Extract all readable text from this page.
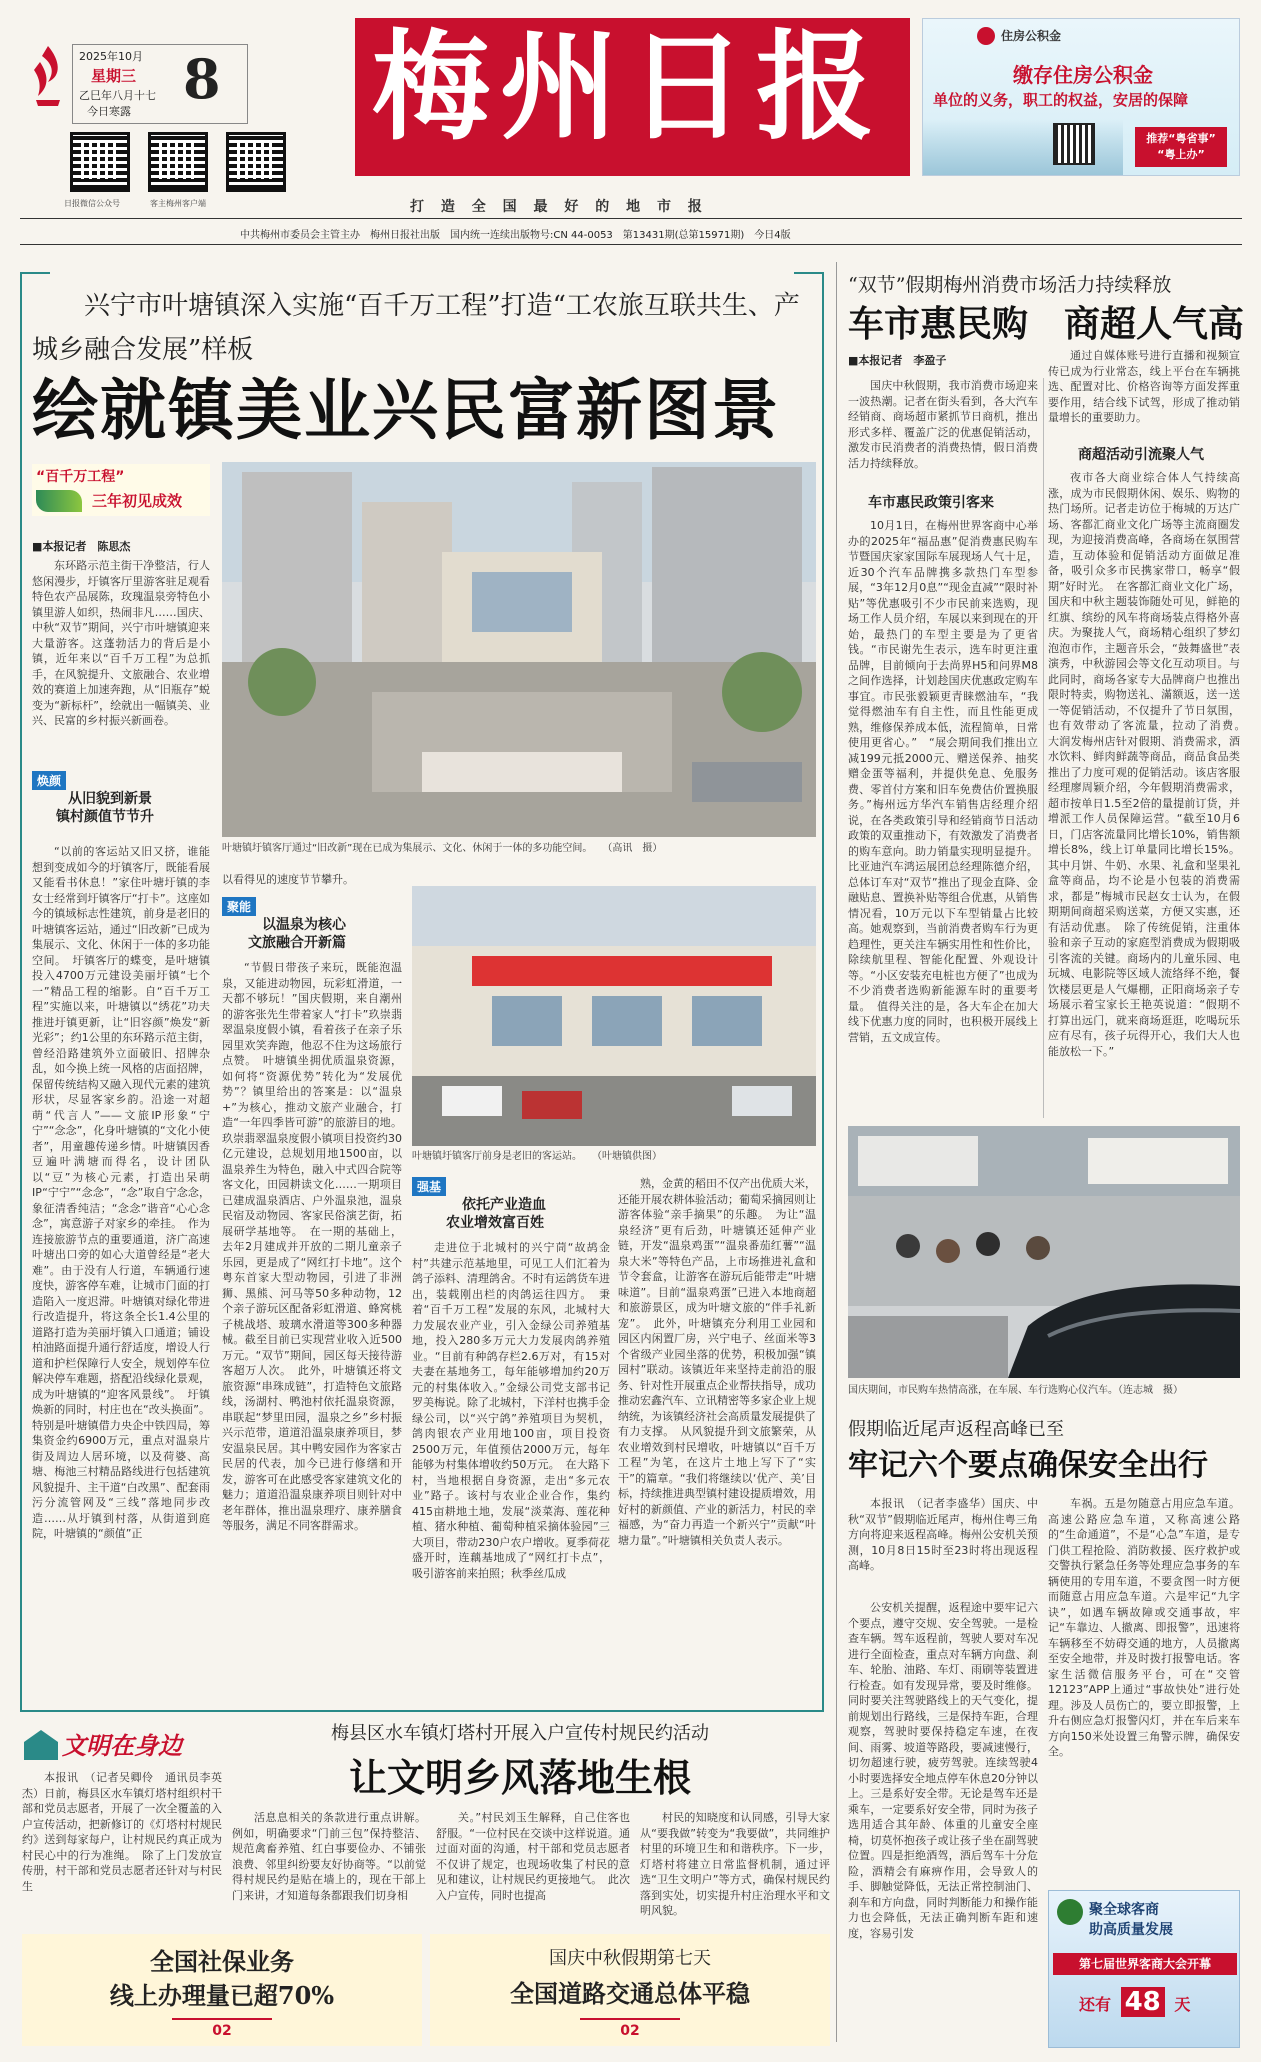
2025年10月
星期三
乙巳年八月十七
今日寒露
8 梅州日报	住房公积金
缴存住房公积金
单位的义务，职工的权益，安居的保障
推荐“粤省事”
“粤上办”
打 造 全 国 最 好 的 地 市 报
日报微信公众号	客主梅州客户端
中共梅州市委员会主管主办　梅州日报社出版　国内统一连续出版物号:CN 44-0053　第13431期(总第15971期)　今日4版
兴宁市叶塘镇深入实施“百千万工程”打造“工农旅互联共生、产城乡融合发展”样板
绘就镇美业兴民富新图景
“百千万工程”
三年初见成效
■本报记者　陈思杰

东环路示范主街干净整洁，行人悠闲漫步，圩镇客厅里游客驻足观看特色农产品展陈，玫瑰温泉旁特色小镇里游人如织，热闹非凡……国庆、中秋“双节”期间，兴宁市叶塘镇迎来大量游客。这蓬勃活力的背后是小镇，近年来以“百千万工程”为总抓手，在风貌提升、文旅融合、农业增效的赛道上加速奔跑，从“旧瓶存”蜕变为“新标杆”，绘就出一幅镇美、业兴、民富的乡村振兴新画卷。

焕颜
从旧貌到新景
镇村颜值节节升

“以前的客运站又旧又挤，谁能想到变成如今的圩镇客厅，既能看展又能看书休息！”家住叶塘圩镇的李女士经常到圩镇客厅“打卡”。这座如今的镇域标志性建筑，前身是老旧的叶塘镇客运站，通过“旧改新”已成为集展示、文化、休闲于一体的多功能空间。　圩镇客厅的蝶变，是叶塘镇投入4700万元建设美丽圩镇“七个一”精品工程的缩影。自“百千万工程”实施以来，叶塘镇以“绣花”功夫推进圩镇更新，让“旧容颜”焕发“新光彩”；约1公里的东环路示范主街，曾经沿路建筑外立面破旧、招牌杂乱，如今换上统一风格的店面招牌，保留传统结构又融入现代元素的建筑形状，尽显客家乡韵。沿途一对超萌“代言人”——文旅IP形象“宁宁”“念念”，化身叶塘镇的“文化小使者”，用童趣传递乡情。叶塘镇因香豆遍叶满塘而得名，设计团队以“豆”为核心元素，打造出呆萌IP“宁宁”“念念”，“念”取自宁念念，象征清香纯洁；“念念”谐音“心心念念”，寓意游子对家乡的牵挂。　作为连接旅游节点的重要通道，济广高速叶塘出口旁的如心大道曾经是“老大难”。由于没有人行道，车辆通行速度快，游客停车难，让城市门面的打造陷入一度迟滞。叶塘镇对绿化带进行改造提升，将这条全长1.4公里的道路打造为美丽圩镇入口通道；铺设柏油路面提升通行舒适度，增设人行道和护栏保障行人安全，规划停车位解决停车难题，搭配沿线绿化景观，成为叶塘镇的“迎客风景线”。　圩镇焕新的同时，村庄也在“改头换面”。特别是叶塘镇借力央企中铁四局，筹集资金约6900万元，重点对温泉片街及周边人居环境，以及荷婆、高塘、梅池三村精品路线进行包括建筑风貌提升、主干道“白改黑”、配套雨污分流管网及“三线”落地同步改造……从圩镇到村落，从街道到庭院，叶塘镇的“颜值”正

叶塘镇圩镇客厅通过“旧改新”现在已成为集展示、文化、休闲于一体的多功能空间。　　（高讯　摄）
以看得见的速度节节攀升。
聚能
以温泉为核心
文旅融合开新篇

“节假日带孩子来玩，既能泡温泉，又能进动物园，玩彩虹滑道，一天都不够玩！”国庆假期，来自潮州的游客张先生带着家人“打卡”玖崇翡翠温泉度假小镇，看着孩子在亲子乐园里欢笑奔跑，他忍不住为这场旅行点赞。　叶塘镇坐拥优质温泉资源，如何将“资源优势”转化为“发展优势”？镇里给出的答案是：以“温泉+”为核心，推动文旅产业融合，打造“一年四季皆可游”的旅游目的地。玖崇翡翠温泉度假小镇项目投资约30亿元建设，总规划用地1500亩，以温泉养生为特色，融入中式四合院等客文化，田园耕读文化……一期项目已建成温泉酒店、户外温泉池，温泉民宿及动物园、客家民俗演艺街，拓展研学基地等。　在一期的基础上，去年2月建成并开放的二期儿童亲子乐园，更是成了“网红打卡地”。这个粤东首家大型动物园，引进了非洲狮、黑熊、河马等50多种动物，12个亲子游玩区配备彩虹滑道、蜂窝桃子桃战塔、玻璃水滑道等300多种器械。截至目前已实现营业收入近500万元。“双节”期间，园区每天接待游客超万人次。　此外，叶塘镇还将文旅资源“串珠成链”，打造特色文旅路线，汤湖村、鸭池村依托温泉资源，串联起“梦里田园，温泉之乡”乡村振兴示范带，道道沿温泉康养项目，梦安温泉民居。其中鸭安园作为客家古民居的代表，加今已进行修缮和开发，游客可在此感受客家建筑文化的魅力；道道沿温泉康养项目则针对中老年群体，推出温泉理疗、康养膳食等服务，满足不同客群需求。

叶塘镇圩镇客厅前身是老旧的客运站。　　（叶塘镇供图）
强基
依托产业造血
农业增效富百姓

走进位于北城村的兴宁茼“故鸪金村”共建示范基地里，可见工人们汇着为鸽子添料、清理鸽舍。不时有运鸽货车进出，装载刚出栏的肉鸽运往四方。　秉着“百千万工程”发展的东风，北城村大力发展农业产业，引入金绿公司养殖基地，投入280多万元大力发展肉鸽养殖业。“目前有种鸽存栏2.6万对，有15对夫妻在基地务工，每年能够增加约20万元的村集体收入。”金绿公司党支部书记罗美梅说。除了北城村，下洋村也携手金绿公司，以“兴宁鸽”养殖项目为契机，鸽肉银农产业用地100亩，项目投资2500万元，年值预估2000万元，每年能够为村集体增收约50万元。　在大路下村，当地根据自身资源，走出“多元农业”路子。该村与农业企业合作，集约415亩耕地土地，发展“淡菜海、莲花种植、猪水种植、葡萄种植采摘体验园”三大项目，带动230户农户增收。夏季荷花盛开时，连藕基地成了“网红打卡点”，吸引游客前来拍照；秋季丝瓜成

熟，金黄的稻田不仅产出优质大米，还能开展农耕体验活动；葡萄采摘园则让游客体验“亲手摘果”的乐趣。　为让“温泉经济”更有后劲，叶塘镇还延伸产业链，开发“温泉鸡蛋”“温泉番茄红薯”“温泉大米”等特色产品，上市场推进礼盒和节令套盒，让游客在游玩后能带走“叶塘味道”。目前“温泉鸡蛋”已进入本地商超和旅游景区，成为叶塘文旅的“伴手礼新宠”。　此外，叶塘镇充分利用工业园和园区内闲置厂房，兴宁电子、丝面米等3个省级产业园坐落的优势，积极加强“镇园村”联动。该镇近年来坚持走前沿的服务、针对性开展重点企业帮扶指导，成功推动宏鑫汽车、立讯精密等多家企业上规纳统，为该镇经济社会高质量发展提供了有力支撑。　从风貌提升到文旅繁荣，从农业增效到村民增收，叶塘镇以“百千万工程”为笔，在这片土地上写下了“实干”的篇章。“我们将继续以‘优产、美’目标，持续推进典型镇村建设提质增效，用好村的新颜值、产业的新活力，村民的幸福感，为“奋力再造一个新兴宁”贡献“叶塘力量”。”叶塘镇相关负责人表示。

“双节”假期梅州消费市场活力持续释放
车市惠民购　商超人气高
■本报记者　李盈子

国庆中秋假期，我市消费市场迎来一波热潮。记者在街头看到，各大汽车经销商、商场超市紧抓节日商机，推出形式多样、覆盖广泛的优惠促销活动，激发市民消费者的消费热情，假日消费活力持续释放。

车市惠民政策引客来

10月1日，在梅州世界客商中心举办的2025年“福品惠”促消费惠民购车节暨国庆家家国际车展现场人气十足，近30个汽车品牌携多款热门车型参展，“3年12月0息”“现金直减”“限时补贴”等优惠吸引不少市民前来选购，现场工作人员介绍，车展以来到现在的开始，最热门的车型主要是为了更省钱。“市民谢先生表示，选车时更注重品牌，目前倾向于去尚界H5和问界M8之间作选择，计划趁国庆优惠政定购车事宜。市民张毅颖更青睐燃油车，“我觉得燃油车有自主性，而且性能更成熟，维修保养成本低，流程简单，日常使用更省心。”　“展会期间我们推出立减199元抵2000元、赠送保养、抽奖赠金蛋等福利，并提供免息、免服务费、零首付方案和旧车免费估价置换服务。”梅州远方华汽车销售店经理介绍说，在各类政策引导和经销商节日活动政策的双重推动下，有效激发了消费者的购车意向。助力销量实现明显提升。比亚迪汽车鸿运展团总经理陈德介绍，总体订车对“双节”推出了现金直降、金融贴息、置换补贴等组合优惠，从销售情况看，10万元以下车型销量占比较高。她观察到，当前消费者购车行为更趋理性，更关注车辆实用性和性价比，除续航里程、智能化配置、外观设计等。“小区安装充电桩也方便了”也成为不少消费者选购新能源车时的重要考量。　值得关注的是，各大车企在加大线下优惠力度的同时，也积极开展线上营销，五文成宣传。

通过自媒体账号进行直播和视频宣传已成为行业常态，线上平台在车辆挑选、配置对比、价格咨询等方面发挥重要作用，结合线下试驾，形成了推动销量增长的重要助力。

商超活动引流聚人气

夜市各大商业综合体人气持续高涨，成为市民假期休闲、娱乐、购物的热门场所。记者走访位于梅城的万达广场、客都汇商业文化广场等主流商圈发现，为迎接消费高峰，各商场在氛围营造，互动体验和促销活动方面做足准备，吸引众多市民携家带口，畅享“假期”好时光。　在客都汇商业文化广场，国庆和中秋主题装饰随处可见，鲜艳的红旗、缤纷的风车将商场装点得格外喜庆。为聚拢人气，商场精心组织了梦幻泡泡市作，主题音乐会，“鼓舞盛世”表演秀，中秋游园会等文化互动项目。与此同时，商场各家专大品牌商户也推出限时特卖，购物送礼、滿额返，送一送一等促销活动，不仅提升了节日氛围，也有效带动了客流量，拉动了消费。　大润发梅州店针对假期、消费需求，酒水饮料、鲜肉鲜蔬等商品，商品食品类推出了力度可观的促销活动。该店客服经理廖周颖介绍，今年假期消费需求，超市按单日1.5至2倍的量提前订货，并增派工作人员保障运营。“截至10月6日，门店客流量同比增长10%，销售额增长8%，线上订单量同比增长15%。其中月饼、牛奶、水果、礼盒和坚果礼盒等商品，均不论是小包装的消费需求，都是”梅城市民赵女士认为，在假期期间商超采购送菜，方便又实惠，还有活动优惠。　除了传统促销，注重体验和亲子互动的家庭型消费成为假期吸引客流的关键。商场内的儿童乐园、电玩城、电影院等区域人流络绎不绝，餐饮楼层更是人气爆棚，正阳商场亲子专场展示着宝家长王艳英说道：“假期不打算出远门，就来商场逛逛，吃喝玩乐应有尽有，孩子玩得开心，我们大人也能放松一下。”

国庆期间，市民购车热情高涨，在车展、车行选购心仪汽车。（连志城　摄）
假期临近尾声返程高峰已至
牢记六个要点确保安全出行

本报讯　（记者李盛华）国庆、中秋“双节”假期临近尾声，梅州住粤三角方向将迎来返程高峰。梅州公安机关预测，10月8日15时至23时将出现返程高峰。

公安机关提醒，返程途中要牢记六个要点，遵守交规、安全驾驶。一是检查车辆。驾车返程前，驾驶人要对车况进行全面检查，重点对车辆方向盘、刹车、轮胎、油路、车灯、雨刷等装置进行检查。如有发现异常，要及时维修。同时要关注驾驶路线上的天气变化，提前规划出行路线，三是保持车距，合理观察，驾驶时要保持稳定车速，在夜间、雨雾、坡道等路段，要减速慢行，切勿超速行驶，疲劳驾驶。连续驾驶4小时要选择安全地点停车休息20分钟以上。三是系好安全带。无论是驾车还是乘车，一定要系好安全带，同时为孩子选用适合其年龄、体重的儿童安全座椅，切莫怀抱孩子或让孩子坐在副驾驶位置。四是拒绝酒驾，酒后驾车十分危险，酒精会有麻痹作用，会导致人的手、脚触觉降低，无法正常控制油门、刹车和方向盘，同时判断能力和操作能力也会降低，无法正确判断车距和速度，容易引发

车祸。五是勿随意占用应急车道。高速公路应急车道，又称高速公路的“生命通道”，不是“心急”车道，是专门供工程抢险、消防救援、医疗救护或交警执行紧急任务等处理应急事务的车辆使用的专用车道，不要贪图一时方便而随意占用应急车道。六是牢记“九字诀”，如遇车辆故障或交通事故，牢记“车靠边、人撤离、即报警”，迅速将车辆移至不妨碍交通的地方，人员撤离至安全地带，并及时拨打报警电话。客家生活微信服务平台，可在“交管12123”APP上通过“事故快处”进行处理。涉及人员伤亡的，要立即报警，上升右侧应急灯报警闪灯，并在车后来车方向150米处设置三角警示牌，确保安全。

聚全球客商
助高质量发展
第七届世界客商大会开幕
还有 48 天
文明在身边	梅县区水车镇灯塔村开展入户宣传村规民约活动
让文明乡风落地生根

本报讯　（记者吴卿伶　通讯员李英杰）日前，梅县区水车镇灯塔村组织村干部和党员志愿者，开展了一次全覆盖的入户宣传活动，把新修订的《灯塔村村规民约》送到每家每户，让村规民约真正成为村民心中的行为准绳。　除了上门发放宣传册，村干部和党员志愿者还针对与村民生

活息息相关的条款进行重点讲解。例如，明确要求“门前三包”保持整洁、规范禽畜养殖、红白事要俭办、不铺张浪费、邻里纠纷要友好协商等。“以前觉得村规民约是贴在墙上的，现在干部上门来讲，才知道每条都跟我们切身相

关。”村民刘玉生解释，自己住客也舒服。“一位村民在交谈中这样说道。通过面对面的沟通，村干部和党员志愿者不仅讲了规定，也现场收集了村民的意见和建议，让村规民约更接地气。　此次入户宣传，同时也提高

村民的知晓度和认同感，引导大家从“要我做”转变为“我要做”，共同维护村里的环境卫生和和谐秩序。下一步，灯塔村将建立日常监督机制，通过评选“卫生文明户”等方式，确保村规民约落到实处，切实提升村庄治理水平和文明风貌。

全国社保业务
线上办理量已超70%
02
国庆中秋假期第七天
全国道路交通总体平稳
02
